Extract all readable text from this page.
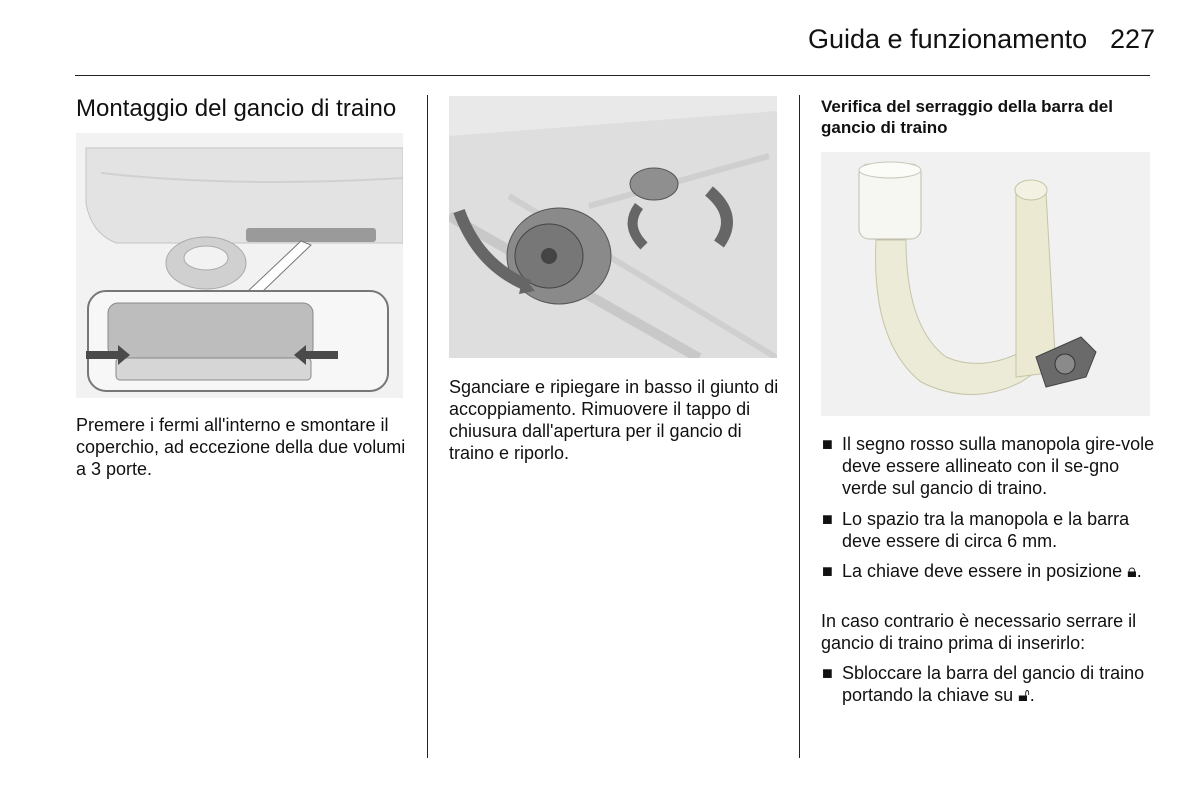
Guida e funzionamento 227
Montaggio del gancio di traino
Premere i fermi all'interno e smontare il coperchio, ad eccezione della due volumi a 3 porte.
Sganciare e ripiegare in basso il giunto di accoppiamento. Rimuovere il tappo di chiusura dall'apertura per il gancio di traino e riporlo.
Verifica del serraggio della barra del gancio di traino
■ Il segno rosso sulla manopola gire-vole deve essere allineato con il se-gno verde sul gancio di traino.
■ Lo spazio tra la manopola e la barra deve essere di circa 6 mm.
■ La chiave deve essere in posizione 🔒︎.
In caso contrario è necessario serrare il gancio di traino prima di inserirlo:
■ Sbloccare la barra del gancio di traino portando la chiave su 🔓︎.
